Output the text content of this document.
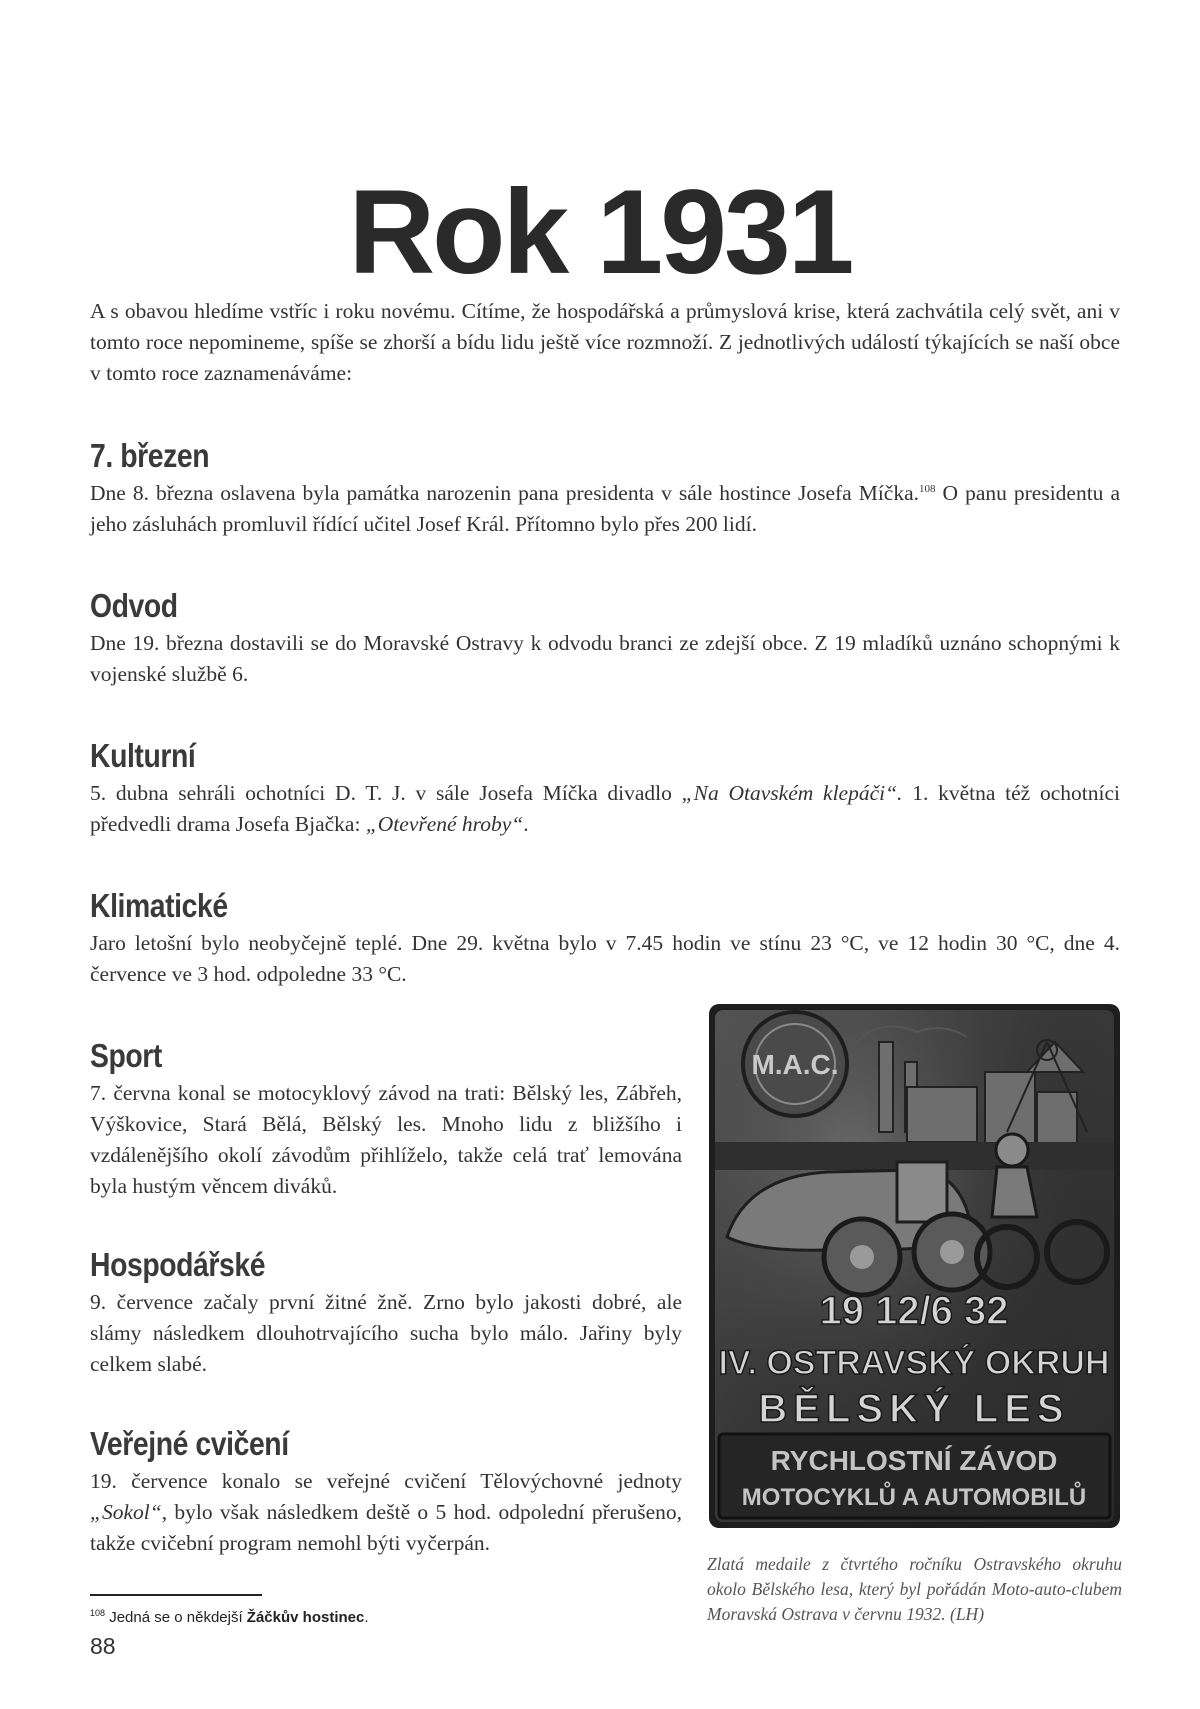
Rok 1931

A s obavou hledíme vstříc i roku novému. Cítíme, že hospodářská a průmyslová krise, která zachvátila celý svět, ani v tomto roce nepomineme, spíše se zhorší a bídu lidu ještě více rozmnoží. Z jednotlivých událostí týkajících se naší obce v tomto roce zaznamenáváme:

7. březen

Dne 8. března oslavena byla památka narozenin pana presidenta v sále hostince Josefa Míčka.$^{108}$ O panu presidentu a jeho zásluhách promluvil řídící učitel Josef Král. Přítomno bylo přes 200 lidí.

Odvod

Dne 19. března dostavili se do Moravské Ostravy k odvodu branci ze zdejší obce. Z 19 mladíků uznáno schopnými k vojenské službě 6.

Kulturní

5. dubna sehráli ochotníci D. T. J. v sále Josefa Míčka divadlo „Na Otavském klepáči“. 1. května též ochotníci předvedli drama Josefa Bjačka: „Otevřené hroby“.

Klimatické

Jaro letošní bylo neobyčejně teplé. Dne 29. května bylo v 7.45 hodin ve stínu 23 °C, ve 12 hodin 30 °C, dne 4. července ve 3 hod. odpoledne 33 °C.

Sport

7. června konal se motocyklový závod na trati: Bělský les, Zábřeh, Výškovice, Stará Bělá, Bělský les. Mnoho lidu z bližšího i vzdálenějšího okolí závodům přihlíželo, takže celá trať lemována byla hustým věncem diváků.

Hospodářské

9. července začaly první žitné žně. Zrno bylo jakosti dobré, ale slámy následkem dlouhotrvajícího sucha bylo málo. Jařiny byly celkem slabé.

Veřejné cvičení

19. července konalo se veřejné cvičení Tělovýchovné jednoty „Sokol“, bylo však následkem deště o 5 hod. odpolední přerušeno, takže cvičební program nemohl býti vyčerpán.

M.A.C.
19 12/6 32
IV. OSTRAVSKÝ OKRUH
BĚLSKÝ LES
RYCHLOSTNÍ ZÁVOD
MOTOCYKLŮ A AUTOMOBILŮ

Zlatá medaile z čtvrtého ročníku Ostravského okruhu okolo Bělského lesa, který byl pořádán Moto-auto-clubem Moravská Ostrava v červnu 1932. (LH)

$^{108}$ Jedná se o někdejší Žáčkův hostinec.

88
